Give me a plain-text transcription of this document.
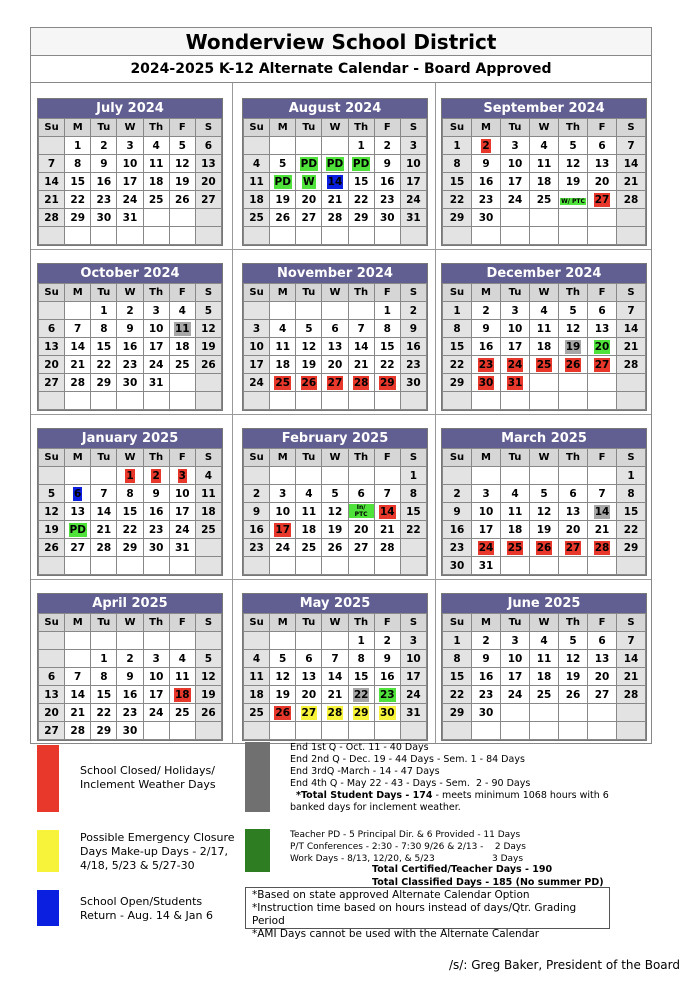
Wonderview School District
2024-2025 K-12 Alternate Calendar - Board Approved
July 2024
Su	M	Tu	W	Th	F	S
	1	2	3	4	5	6
7	8	9	10	11	12	13
14	15	16	17	18	19	20
21	22	23	24	25	26	27
28	29	30	31			

August 2024
Su	M	Tu	W	Th	F	S
				1	2	3
4	5	PD	PD	PD	9	10
11	PD	W	14	15	16	17
18	19	20	21	22	23	24
25	26	27	28	29	30	31

September 2024
Su	M	Tu	W	Th	F	S
1	2	3	4	5	6	7
8	9	10	11	12	13	14
15	16	17	18	19	20	21
22	23	24	25	W/ PTC	27	28
29	30					

October 2024
Su	M	Tu	W	Th	F	S
		1	2	3	4	5
6	7	8	9	10	11	12
13	14	15	16	17	18	19
20	21	22	23	24	25	26
27	28	29	30	31		

November 2024
Su	M	Tu	W	Th	F	S
					1	2
3	4	5	6	7	8	9
10	11	12	13	14	15	16
17	18	19	20	21	22	23
24	25	26	27	28	29	30

December 2024
Su	M	Tu	W	Th	F	S
1	2	3	4	5	6	7
8	9	10	11	12	13	14
15	16	17	18	19	20	21
22	23	24	25	26	27	28
29	30	31				

January 2025
Su	M	Tu	W	Th	F	S
			1	2	3	4
5	6	7	8	9	10	11
12	13	14	15	16	17	18
19	PD	21	22	23	24	25
26	27	28	29	30	31	

February 2025
Su	M	Tu	W	Th	F	S
						1
2	3	4	5	6	7	8
9	10	11	12	In/ PTC	14	15
16	17	18	19	20	21	22
23	24	25	26	27	28	

March 2025
Su	M	Tu	W	Th	F	S
						1
2	3	4	5	6	7	8
9	10	11	12	13	14	15
16	17	18	19	20	21	22
23	24	25	26	27	28	29
30	31					
April 2025
Su	M	Tu	W	Th	F	S

		1	2	3	4	5
6	7	8	9	10	11	12
13	14	15	16	17	18	19
20	21	22	23	24	25	26
27	28	29	30			
May 2025
Su	M	Tu	W	Th	F	S
				1	2	3
4	5	6	7	8	9	10
11	12	13	14	15	16	17
18	19	20	21	22	23	24
25	26	27	28	29	30	31

June 2025
Su	M	Tu	W	Th	F	S
1	2	3	4	5	6	7
8	9	10	11	12	13	14
15	16	17	18	19	20	21
22	23	24	25	26	27	28
29	30					

School Closed/ Holidays/ Inclement Weather Days
Possible Emergency Closure Days Make-up Days - 2/17, 4/18, 5/23 & 5/27-30
School Open/Students Return - Aug. 14 & Jan 6
End 1st Q - Oct. 11 - 40 Days
End 2nd Q - Dec. 19 - 44 Days - Sem. 1 - 84 Days
End 3rdQ -March - 14 - 47 Days
End 4th Q - May 22 - 43 - Days - Sem.  2 - 90 Days
*Total Student Days - 174 - meets minimum 1068 hours with 6 banked days for inclement weather.
Teacher PD - 5 Principal Dir. & 6 Provided - 11 Days
P/T Conferences - 2:30 - 7:30 9/26 & 2/13 -    2 Days
Work Days - 8/13, 12/20, & 5/23                    3 Days
Total Certified/Teacher Days - 190
Total Classified Days - 185 (No summer PD)
*Based on state approved Alternate Calendar Option
*Instruction time based on hours instead of days/Qtr. Grading Period
*AMI Days cannot be used with the Alternate Calendar
/s/: Greg Baker, President of the Board
